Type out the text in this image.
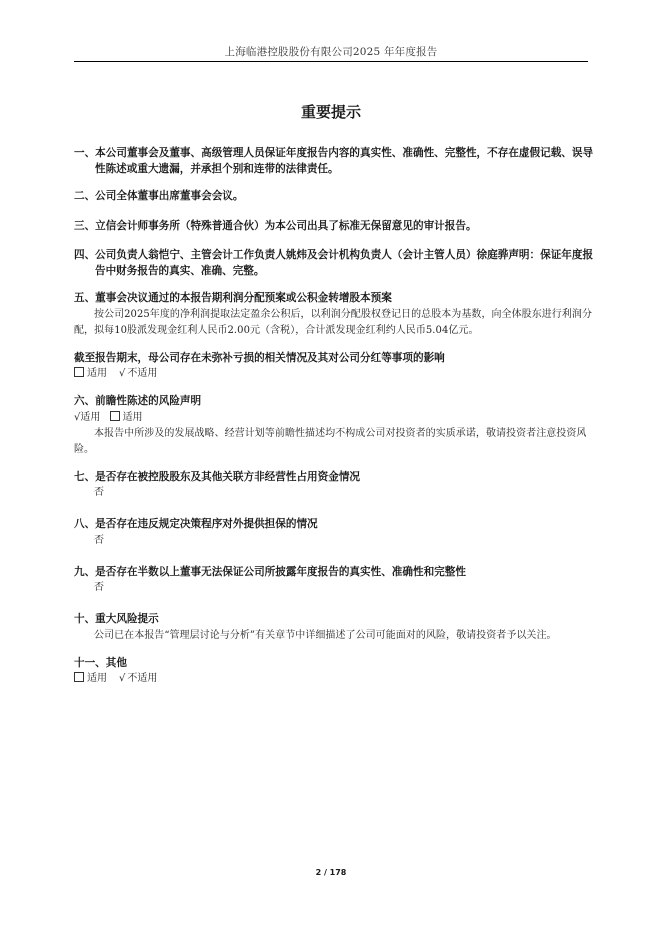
上海临港控股股份有限公司2025 年年度报告
重要提示
一、本公司董事会及董事、高级管理人员保证年度报告内容的真实性、准确性、完整性，不存在虚假记载、误导性陈述或重大遗漏，并承担个别和连带的法律责任。
二、公司全体董事出席董事会会议。
三、立信会计师事务所（特殊普通合伙）为本公司出具了标准无保留意见的审计报告。
四、公司负责人翁恺宁、主管会计工作负责人姚炜及会计机构负责人（会计主管人员）徐庭骅声明：保证年度报告中财务报告的真实、准确、完整。
五、董事会决议通过的本报告期利润分配预案或公积金转增股本预案
按公司2025年度的净利润提取法定盈余公积后，以利润分配股权登记日的总股本为基数，向全体股东进行利润分配，拟每10股派发现金红利人民币2.00元（含税），合计派发现金红利约人民币5.04亿元。
截至报告期末，母公司存在未弥补亏损的相关情况及其对公司分红等事项的影响
适用 √ 不适用
六、前瞻性陈述的风险声明
√适用 适用
本报告中所涉及的发展战略、经营计划等前瞻性描述均不构成公司对投资者的实质承诺，敬请投资者注意投资风险。
七、是否存在被控股股东及其他关联方非经营性占用资金情况
否
八、是否存在违反规定决策程序对外提供担保的情况
否
九、是否存在半数以上董事无法保证公司所披露年度报告的真实性、准确性和完整性
否
十、重大风险提示
公司已在本报告“管理层讨论与分析”有关章节中详细描述了公司可能面对的风险，敬请投资者予以关注。
十一、其他
适用 √ 不适用
2 / 178
